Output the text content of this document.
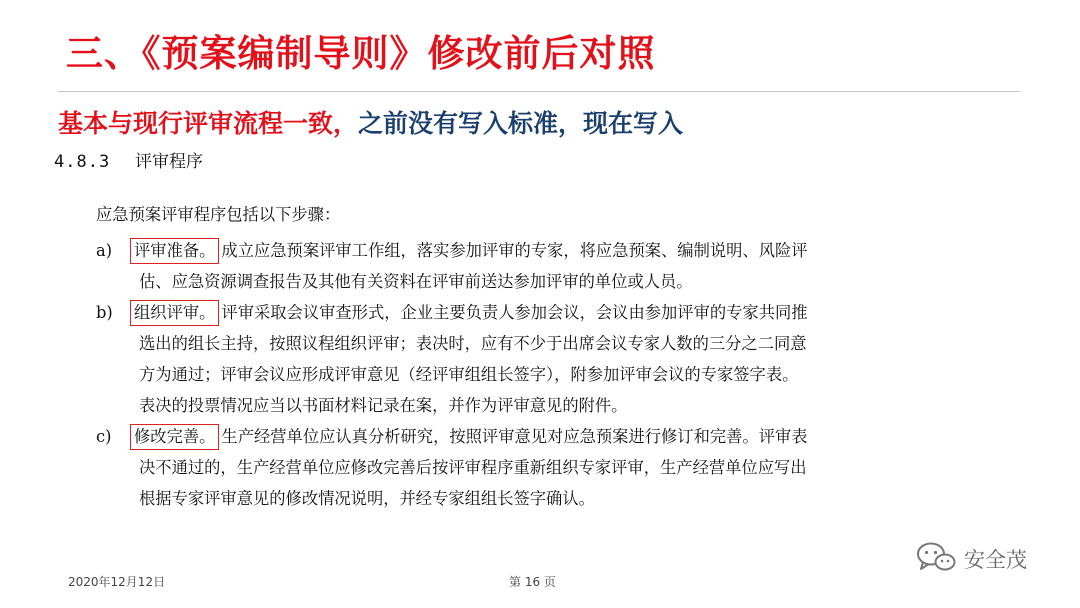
三、《预案编制导则》修改前后对照
基本与现行评审流程一致，之前没有写入标准，现在写入
4.8.3 评审程序
应急预案评审程序包括以下步骤：
a) 评审准备。 成立应急预案评审工作组，落实参加评审的专家，将应急预案、编制说明、风险评
估、应急资源调查报告及其他有关资料在评审前送达参加评审的单位或人员。
b) 组织评审。 评审采取会议审查形式，企业主要负责人参加会议，会议由参加评审的专家共同推
选出的组长主持，按照议程组织评审；表决时，应有不少于出席会议专家人数的三分之二同意
方为通过；评审会议应形成评审意见（经评审组组长签字），附参加评审会议的专家签字表。
表决的投票情况应当以书面材料记录在案，并作为评审意见的附件。
c) 修改完善。 生产经营单位应认真分析研究，按照评审意见对应急预案进行修订和完善。评审表
决不通过的，生产经营单位应修改完善后按评审程序重新组织专家评审，生产经营单位应写出
根据专家评审意见的修改情况说明，并经专家组组长签字确认。
2020年12月12日	第 16 页
安全茂
